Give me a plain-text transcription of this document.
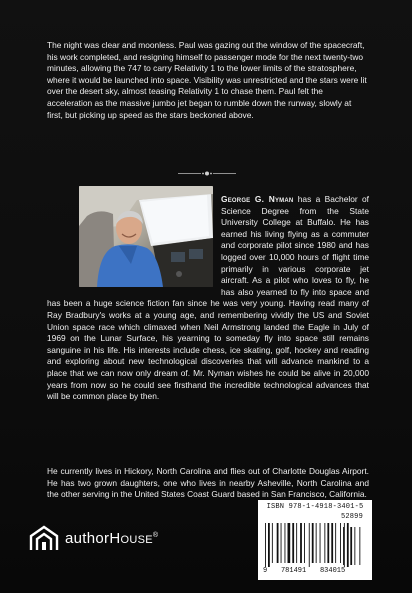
The night was clear and moonless. Paul was gazing out the window of the spacecraft, his work completed, and resigning himself to passenger mode for the next twenty-two minutes, allowing the 747 to carry Relativity 1 to the lower limits of the stratosphere, where it would be launched into space. Visibility was unrestricted and the stars were lit over the desert sky, almost teasing Relativity 1 to chase them. Paul felt the acceleration as the massive jumbo jet began to rumble down the runway, slowly at first, but picking up speed as the stars beckoned above.

George G. Nyman has a Bachelor of Science Degree from the State University College at Buffalo. He has earned his living flying as a commuter and corporate pilot since 1980 and has logged over 10,000 hours of flight time primarily in various corporate jet aircraft. As a pilot who loves to fly, he has also yearned to fly into space and has been a huge science fiction fan since he was very young. Having read many of Ray Bradbury's works at a young age, and remembering vividly the US and Soviet Union space race which climaxed when Neil Armstrong landed the Eagle in July of 1969 on the Lunar Surface, his yearning to someday fly into space still remains sanguine in his life. His interests include chess, ice skating, golf, hockey and reading and exploring about new technological discoveries that will advance mankind to a place that we can now only dream of. Mr. Nyman wishes he could be alive in 20,000 years from now so he could see firsthand the incredible technological advances that will be common place by then.

He currently lives in Hickory, North Carolina and flies out of Charlotte Douglas Airport. He has two grown daughters, one who lives in nearby Asheville, North Carolina and the other serving in the United States Coast Guard based in San Francisco, California.

authorHouse®
ISBN 978-1-4918-3401-5
52899
9 781491 834015
